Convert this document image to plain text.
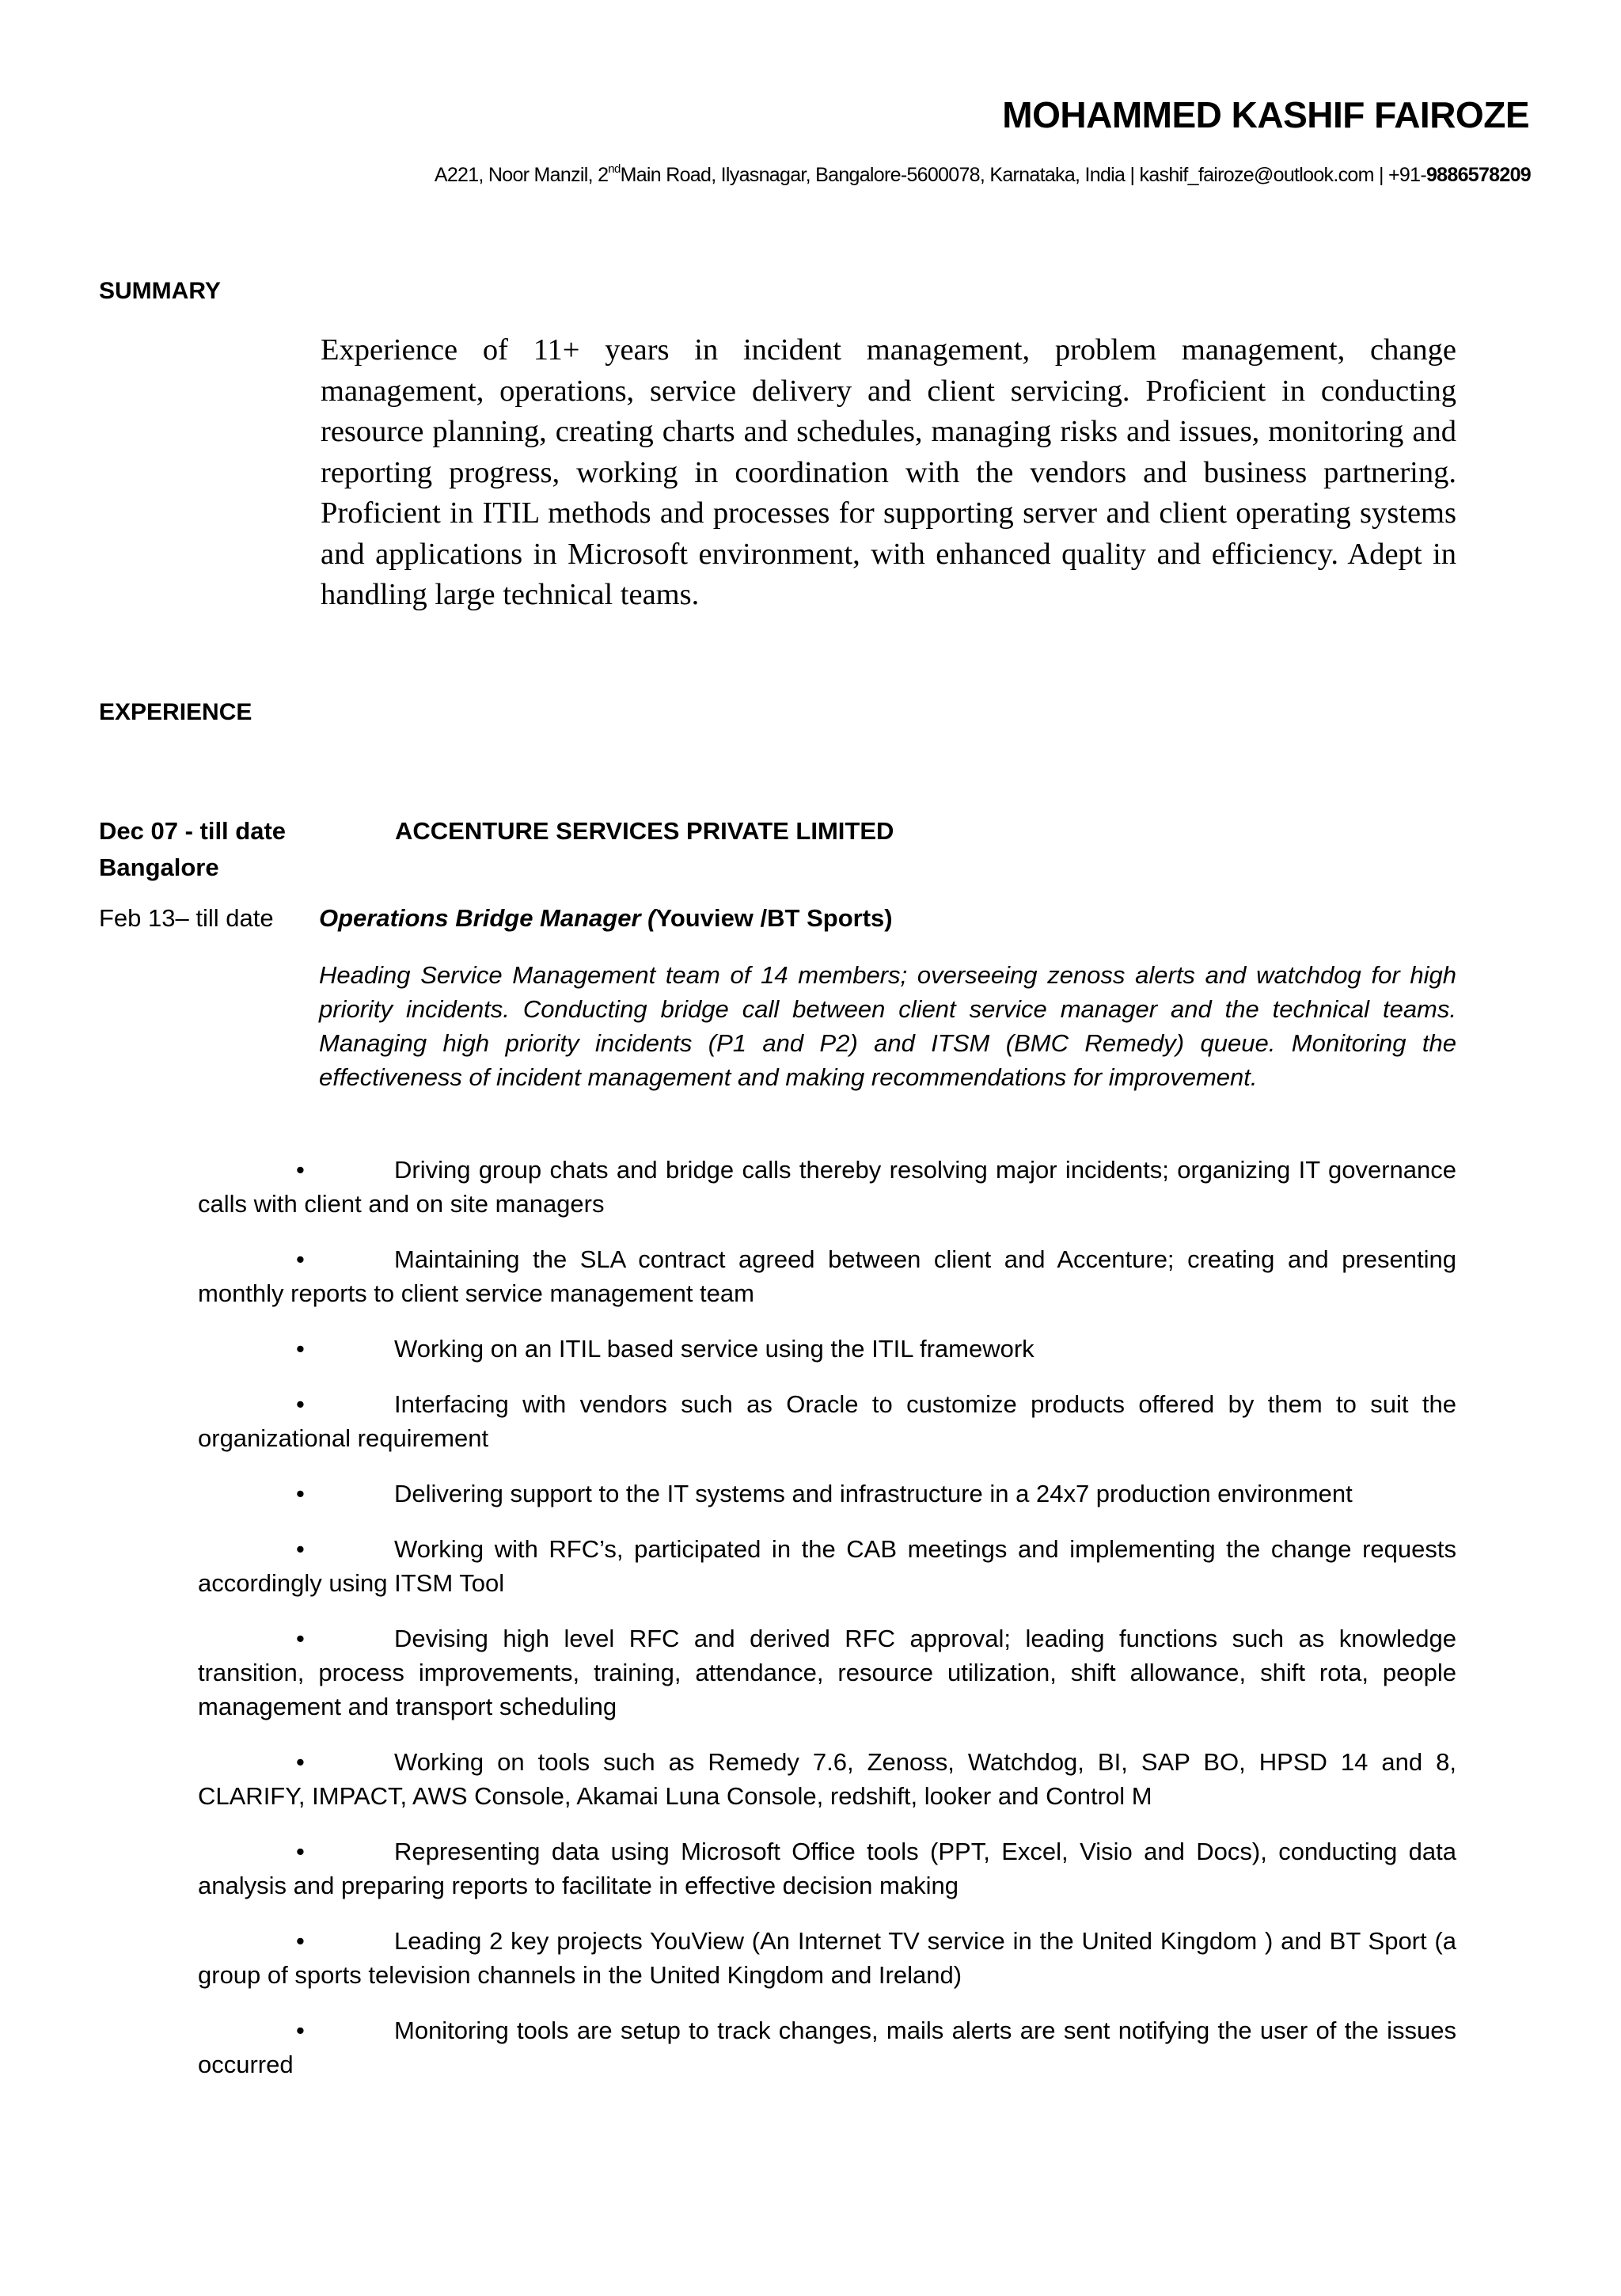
MOHAMMED KASHIF FAIROZE
A221, Noor Manzil, 2ndMain Road, Ilyasnagar, Bangalore-5600078, Karnataka, India | kashif_fairoze@outlook.com | +91-9886578209
SUMMARY
Experience of 11+ years in incident management, problem management, change management, operations, service delivery and client servicing. Proficient in conducting resource planning, creating charts and schedules, managing risks and issues, monitoring and reporting progress, working in coordination with the vendors and business partnering. Proficient in ITIL methods and processes for supporting server and client operating systems and applications in Microsoft environment, with enhanced quality and efficiency. Adept in handling large technical teams.
EXPERIENCE
Dec 07 - till date
Bangalore
ACCENTURE SERVICES PRIVATE LIMITED
Feb 13– till date Operations Bridge Manager (Youview /BT Sports)
Heading Service Management team of 14 members; overseeing zenoss alerts and watchdog for high priority incidents. Conducting bridge call between client service manager and the technical teams. Managing high priority incidents (P1 and P2) and ITSM (BMC Remedy) queue. Monitoring the effectiveness of incident management and making recommendations for improvement.
•	Driving group chats and bridge calls thereby resolving major incidents; organizing IT governance calls with client and on site managers
•	Maintaining the SLA contract agreed between client and Accenture; creating and presenting monthly reports to client service management team
•	Working on an ITIL based service using the ITIL framework
•	Interfacing with vendors such as Oracle to customize products offered by them to suit the organizational requirement
•	Delivering support to the IT systems and infrastructure in a 24x7 production environment
•	Working with RFC’s, participated in the CAB meetings and implementing the change requests accordingly using ITSM Tool
•	Devising high level RFC and derived RFC approval; leading functions such as knowledge transition, process improvements, training, attendance, resource utilization, shift allowance, shift rota, people management and transport scheduling
•	Working on tools such as Remedy 7.6, Zenoss, Watchdog, BI, SAP BO, HPSD 14 and 8, CLARIFY, IMPACT, AWS Console, Akamai Luna Console, redshift, looker and Control M
•	Representing data using Microsoft Office tools (PPT, Excel, Visio and Docs), conducting data analysis and preparing reports to facilitate in effective decision making
•	Leading 2 key projects YouView (An Internet TV service in the United Kingdom ) and BT Sport (a group of sports television channels in the United Kingdom and Ireland)
•	Monitoring tools are setup to track changes, mails alerts are sent notifying the user of the issues occurred
